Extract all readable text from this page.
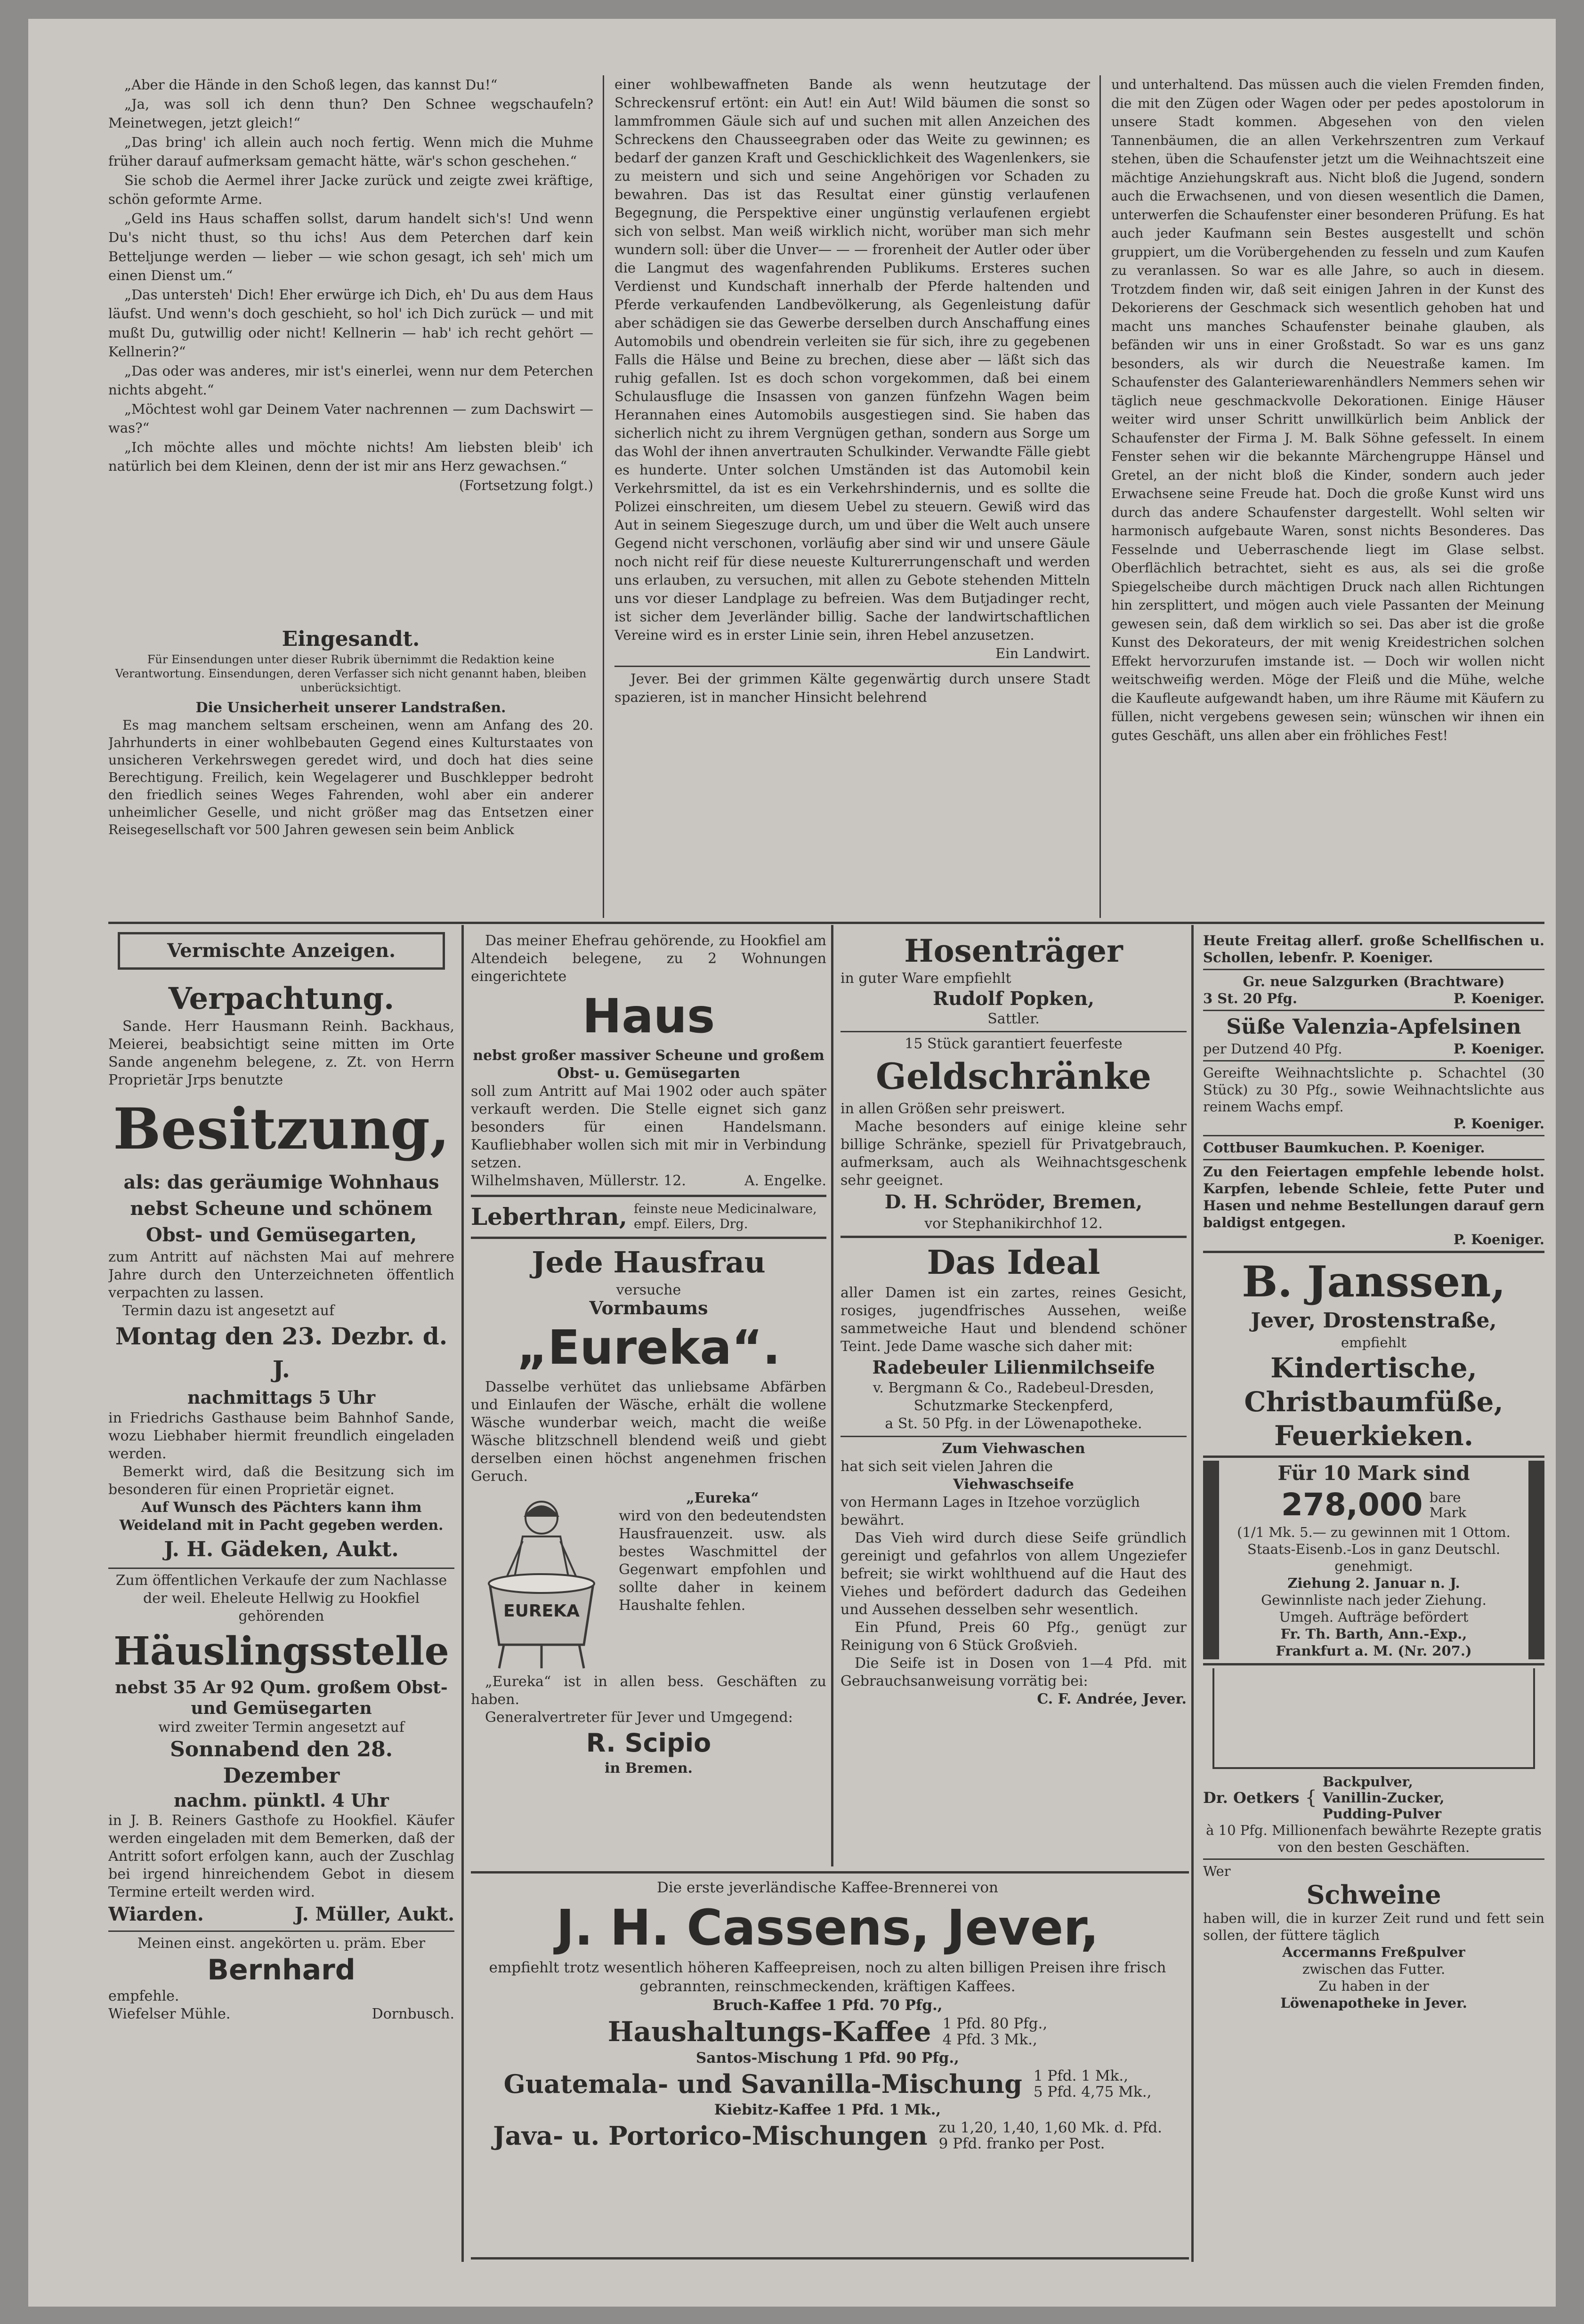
„Aber die Hände in den Schoß legen, das kannst Du!“

„Ja, was soll ich denn thun? Den Schnee wegschaufeln? Meinetwegen, jetzt gleich!“

„Das bring' ich allein auch noch fertig. Wenn mich die Muhme früher darauf aufmerksam gemacht hätte, wär's schon geschehen.“

Sie schob die Aermel ihrer Jacke zurück und zeigte zwei kräftige, schön geformte Arme.

„Geld ins Haus schaffen sollst, darum handelt sich's! Und wenn Du's nicht thust, so thu ichs! Aus dem Peterchen darf kein Betteljunge werden — lieber — wie schon gesagt, ich seh' mich um einen Dienst um.“

„Das untersteh' Dich! Eher erwürge ich Dich, eh' Du aus dem Haus läufst. Und wenn's doch geschieht, so hol' ich Dich zurück — und mit mußt Du, gutwillig oder nicht! Kellnerin — hab' ich recht gehört — Kellnerin?“

„Das oder was anderes, mir ist's einerlei, wenn nur dem Peterchen nichts abgeht.“

„Möchtest wohl gar Deinem Vater nachrennen — zum Dachswirt — was?“

„Ich möchte alles und möchte nichts! Am liebsten bleib' ich natürlich bei dem Kleinen, denn der ist mir ans Herz gewachsen.“

(Fortsetzung folgt.)

Eingesandt.
Für Einsendungen unter dieser Rubrik übernimmt die Redaktion keine Verantwortung. Einsendungen, deren Verfasser sich nicht genannt haben, bleiben unberücksichtigt.
Die Unsicherheit unserer Landstraßen.
Es mag manchem seltsam erscheinen, wenn am Anfang des 20. Jahrhunderts in einer wohlbebauten Gegend eines Kulturstaates von unsicheren Verkehrswegen geredet wird, und doch hat dies seine Berechtigung. Freilich, kein Wegelagerer und Buschklepper bedroht den friedlich seines Weges Fahrenden, wohl aber ein anderer unheimlicher Geselle, und nicht größer mag das Entsetzen einer Reisegesellschaft vor 500 Jahren gewesen sein beim Anblick

einer wohlbewaffneten Bande als wenn heutzutage der Schreckensruf ertönt: ein Aut! ein Aut! Wild bäumen die sonst so lammfrommen Gäule sich auf und suchen mit allen Anzeichen des Schreckens den Chausseegraben oder das Weite zu gewinnen; es bedarf der ganzen Kraft und Geschicklichkeit des Wagenlenkers, sie zu meistern und sich und seine Angehörigen vor Schaden zu bewahren. Das ist das Resultat einer günstig verlaufenen Begegnung, die Perspektive einer ungünstig verlaufenen ergiebt sich von selbst. Man weiß wirklich nicht, worüber man sich mehr wundern soll: über die Unver— — — frorenheit der Autler oder über die Langmut des wagenfahrenden Publikums. Ersteres suchen Verdienst und Kundschaft innerhalb der Pferde haltenden und Pferde verkaufenden Landbevölkerung, als Gegenleistung dafür aber schädigen sie das Gewerbe derselben durch Anschaffung eines Automobils und obendrein verleiten sie für sich, ihre zu gegebenen Falls die Hälse und Beine zu brechen, diese aber — läßt sich das ruhig gefallen. Ist es doch schon vorgekommen, daß bei einem Schulausfluge die Insassen von ganzen fünfzehn Wagen beim Herannahen eines Automobils ausgestiegen sind. Sie haben das sicherlich nicht zu ihrem Vergnügen gethan, sondern aus Sorge um das Wohl der ihnen anvertrauten Schulkinder. Verwandte Fälle giebt es hunderte. Unter solchen Umständen ist das Automobil kein Verkehrsmittel, da ist es ein Verkehrshindernis, und es sollte die Polizei einschreiten, um diesem Uebel zu steuern. Gewiß wird das Aut in seinem Siegeszuge durch, um und über die Welt auch unsere Gegend nicht verschonen, vorläufig aber sind wir und unsere Gäule noch nicht reif für diese neueste Kulturerrungenschaft und werden uns erlauben, zu versuchen, mit allen zu Gebote stehenden Mitteln uns vor dieser Landplage zu befreien. Was dem Butjadinger recht, ist sicher dem Jeverländer billig. Sache der landwirtschaftlichen Vereine wird es in erster Linie sein, ihren Hebel anzusetzen.

Ein Landwirt.

Jever. Bei der grimmen Kälte gegenwärtig durch unsere Stadt spazieren, ist in mancher Hinsicht belehrend

und unterhaltend. Das müssen auch die vielen Fremden finden, die mit den Zügen oder Wagen oder per pedes apostolorum in unsere Stadt kommen. Abgesehen von den vielen Tannenbäumen, die an allen Verkehrszentren zum Verkauf stehen, üben die Schaufenster jetzt um die Weihnachtszeit eine mächtige Anziehungskraft aus. Nicht bloß die Jugend, sondern auch die Erwachsenen, und von diesen wesentlich die Damen, unterwerfen die Schaufenster einer besonderen Prüfung. Es hat auch jeder Kaufmann sein Bestes ausgestellt und schön gruppiert, um die Vorübergehenden zu fesseln und zum Kaufen zu veranlassen. So war es alle Jahre, so auch in diesem. Trotzdem finden wir, daß seit einigen Jahren in der Kunst des Dekorierens der Geschmack sich wesentlich gehoben hat und macht uns manches Schaufenster beinahe glauben, als befänden wir uns in einer Großstadt. So war es uns ganz besonders, als wir durch die Neuestraße kamen. Im Schaufenster des Galanteriewarenhändlers Nemmers sehen wir täglich neue geschmackvolle Dekorationen. Einige Häuser weiter wird unser Schritt unwillkürlich beim Anblick der Schaufenster der Firma J. M. Balk Söhne gefesselt. In einem Fenster sehen wir die bekannte Märchengruppe Hänsel und Gretel, an der nicht bloß die Kinder, sondern auch jeder Erwachsene seine Freude hat. Doch die große Kunst wird uns durch das andere Schaufenster dargestellt. Wohl selten wir harmonisch aufgebaute Waren, sonst nichts Besonderes. Das Fesselnde und Ueberraschende liegt im Glase selbst. Oberflächlich betrachtet, sieht es aus, als sei die große Spiegelscheibe durch mächtigen Druck nach allen Richtungen hin zersplittert, und mögen auch viele Passanten der Meinung gewesen sein, daß dem wirklich so sei. Das aber ist die große Kunst des Dekorateurs, der mit wenig Kreidestrichen solchen Effekt hervorzurufen imstande ist. — Doch wir wollen nicht weitschweifig werden. Möge der Fleiß und die Mühe, welche die Kaufleute aufgewandt haben, um ihre Räume mit Käufern zu füllen, nicht vergebens gewesen sein; wünschen wir ihnen ein gutes Geschäft, uns allen aber ein fröhliches Fest!

Vermischte Anzeigen.
Verpachtung.
Sande. Herr Hausmann Reinh. Backhaus, Meierei, beabsichtigt seine mitten im Orte Sande angenehm belegene, z. Zt. von Herrn Proprietär Jrps benutzte
Besitzung,
als: das geräumige Wohnhaus nebst Scheune und schönem Obst- und Gemüsegarten,
zum Antritt auf nächsten Mai auf mehrere Jahre durch den Unterzeichneten öffentlich verpachten zu lassen.
Termin dazu ist angesetzt auf
Montag den 23. Dezbr. d. J.
nachmittags 5 Uhr
in Friedrichs Gasthause beim Bahnhof Sande, wozu Liebhaber hiermit freundlich eingeladen werden.
Bemerkt wird, daß die Besitzung sich im besonderen für einen Proprietär eignet.
Auf Wunsch des Pächters kann ihm Weideland mit in Pacht gegeben werden.
J. H. Gädeken, Aukt.
Zum öffentlichen Verkaufe der zum Nachlasse der weil. Eheleute Hellwig zu Hookfiel gehörenden
Häuslingsstelle
nebst 35 Ar 92 Qum. großem Obst- und Gemüsegarten
wird zweiter Termin angesetzt auf
Sonnabend den 28. Dezember
nachm. pünktl. 4 Uhr
in J. B. Reiners Gasthofe zu Hookfiel. Käufer werden eingeladen mit dem Bemerken, daß der Antritt sofort erfolgen kann, auch der Zuschlag bei irgend hinreichendem Gebot in diesem Termine erteilt werden wird.
Wiarden.	J. Müller, Aukt.
Meinen einst. angekörten u. präm. Eber
Bernhard
empfehle.
Wiefelser Mühle.	Dornbusch.
Das meiner Ehefrau gehörende, zu Hookfiel am Altendeich belegene, zu 2 Wohnungen eingerichtete
Haus
nebst großer massiver Scheune und großem Obst- u. Gemüsegarten
soll zum Antritt auf Mai 1902 oder auch später verkauft werden. Die Stelle eignet sich ganz besonders für einen Handelsmann. Kaufliebhaber wollen sich mit mir in Verbindung setzen.
Wilhelmshaven, Müllerstr. 12.	A. Engelke.
Leberthran, feinste neue Medicinalware, empf. Eilers, Drg.
Jede Hausfrau
versuche
Vormbaums
„Eureka“.
Dasselbe verhütet das unliebsame Abfärben und Einlaufen der Wäsche, erhält die wollene Wäsche wunderbar weich, macht die weiße Wäsche blitzschnell blendend weiß und giebt derselben einen höchst angenehmen frischen Geruch.
EUREKA
„Eureka“
wird von den bedeutendsten Hausfrauenzeit. usw. als bestes Waschmittel der Gegenwart empfohlen und sollte daher in keinem Haushalte fehlen.
„Eureka“ ist in allen bess. Geschäften zu haben.
Generalvertreter für Jever und Umgegend:
R. Scipio
in Bremen.
Hosenträger
in guter Ware empfiehlt
Rudolf Popken,
Sattler.
15 Stück garantiert feuerfeste
Geldschränke
in allen Größen sehr preiswert.
Mache besonders auf einige kleine sehr billige Schränke, speziell für Privatgebrauch, aufmerksam, auch als Weihnachtsgeschenk sehr geeignet.
D. H. Schröder, Bremen,
vor Stephanikirchhof 12.
Das Ideal
aller Damen ist ein zartes, reines Gesicht, rosiges, jugendfrisches Aussehen, weiße sammetweiche Haut und blendend schöner Teint. Jede Dame wasche sich daher mit:
Radebeuler Lilienmilchseife
v. Bergmann & Co., Radebeul-Dresden, Schutzmarke Steckenpferd,
a St. 50 Pfg. in der Löwenapotheke.
Zum Viehwaschen
hat sich seit vielen Jahren die
Viehwaschseife
von Hermann Lages in Itzehoe vorzüglich bewährt.
Das Vieh wird durch diese Seife gründlich gereinigt und gefahrlos von allem Ungeziefer befreit; sie wirkt wohlthuend auf die Haut des Viehes und befördert dadurch das Gedeihen und Aussehen desselben sehr wesentlich.
Ein Pfund, Preis 60 Pfg., genügt zur Reinigung von 6 Stück Großvieh.
Die Seife ist in Dosen von 1—4 Pfd. mit Gebrauchsanweisung vorrätig bei:
C. F. Andrée, Jever.
Heute Freitag allerf. große Schellfischen u. Schollen, lebenfr. P. Koeniger.
Gr. neue Salzgurken (Brachtware)
3 St. 20 Pfg.	P. Koeniger.
Süße Valenzia-Apfelsinen
per Dutzend 40 Pfg.	P. Koeniger.
Gereifte Weihnachtslichte p. Schachtel (30 Stück) zu 30 Pfg., sowie Weihnachtslichte aus reinem Wachs empf.
P. Koeniger.
Cottbuser Baumkuchen. P. Koeniger.
Zu den Feiertagen empfehle lebende holst. Karpfen, lebende Schleie, fette Puter und Hasen und nehme Bestellungen darauf gern baldigst entgegen.
P. Koeniger.
B. Janssen,
Jever, Drostenstraße,
empfiehlt
Kindertische,
Christbaumfüße,
Feuerkieken.
Für 10 Mark sind
278,000 bare
Mark
(1/1 Mk. 5.— zu gewinnen mit 1 Ottom. Staats-Eisenb.-Los in ganz Deutschl. genehmigt.
Ziehung 2. Januar n. J.
Gewinnliste nach jeder Ziehung.
Umgeh. Aufträge befördert
Fr. Th. Barth, Ann.-Exp.,
Frankfurt a. M. (Nr. 207.)
Dr. Oetkers {
Backpulver,
Vanillin-Zucker,
Pudding-Pulver
à 10 Pfg. Millionenfach bewährte Rezepte gratis von den besten Geschäften.
Wer
Schweine
haben will, die in kurzer Zeit rund und fett sein sollen, der füttere täglich
Accermanns Freßpulver
zwischen das Futter.
Zu haben in der
Löwenapotheke in Jever.
Die erste jeverländische Kaffee-Brennerei von
J. H. Cassens, Jever,
empfiehlt trotz wesentlich höheren Kaffeepreisen, noch zu alten billigen Preisen ihre frisch gebrannten, reinschmeckenden, kräftigen Kaffees.
Bruch-Kaffee 1 Pfd. 70 Pfg.,
Haushaltungs-Kaffee 1 Pfd. 80 Pfg.,
4 Pfd. 3 Mk.,
Santos-Mischung 1 Pfd. 90 Pfg.,
Guatemala- und Savanilla-Mischung 1 Pfd. 1 Mk.,
5 Pfd. 4,75 Mk.,
Kiebitz-Kaffee 1 Pfd. 1 Mk.,
Java- u. Portorico-Mischungen zu 1,20, 1,40, 1,60 Mk. d. Pfd.
9 Pfd. franko per Post.
